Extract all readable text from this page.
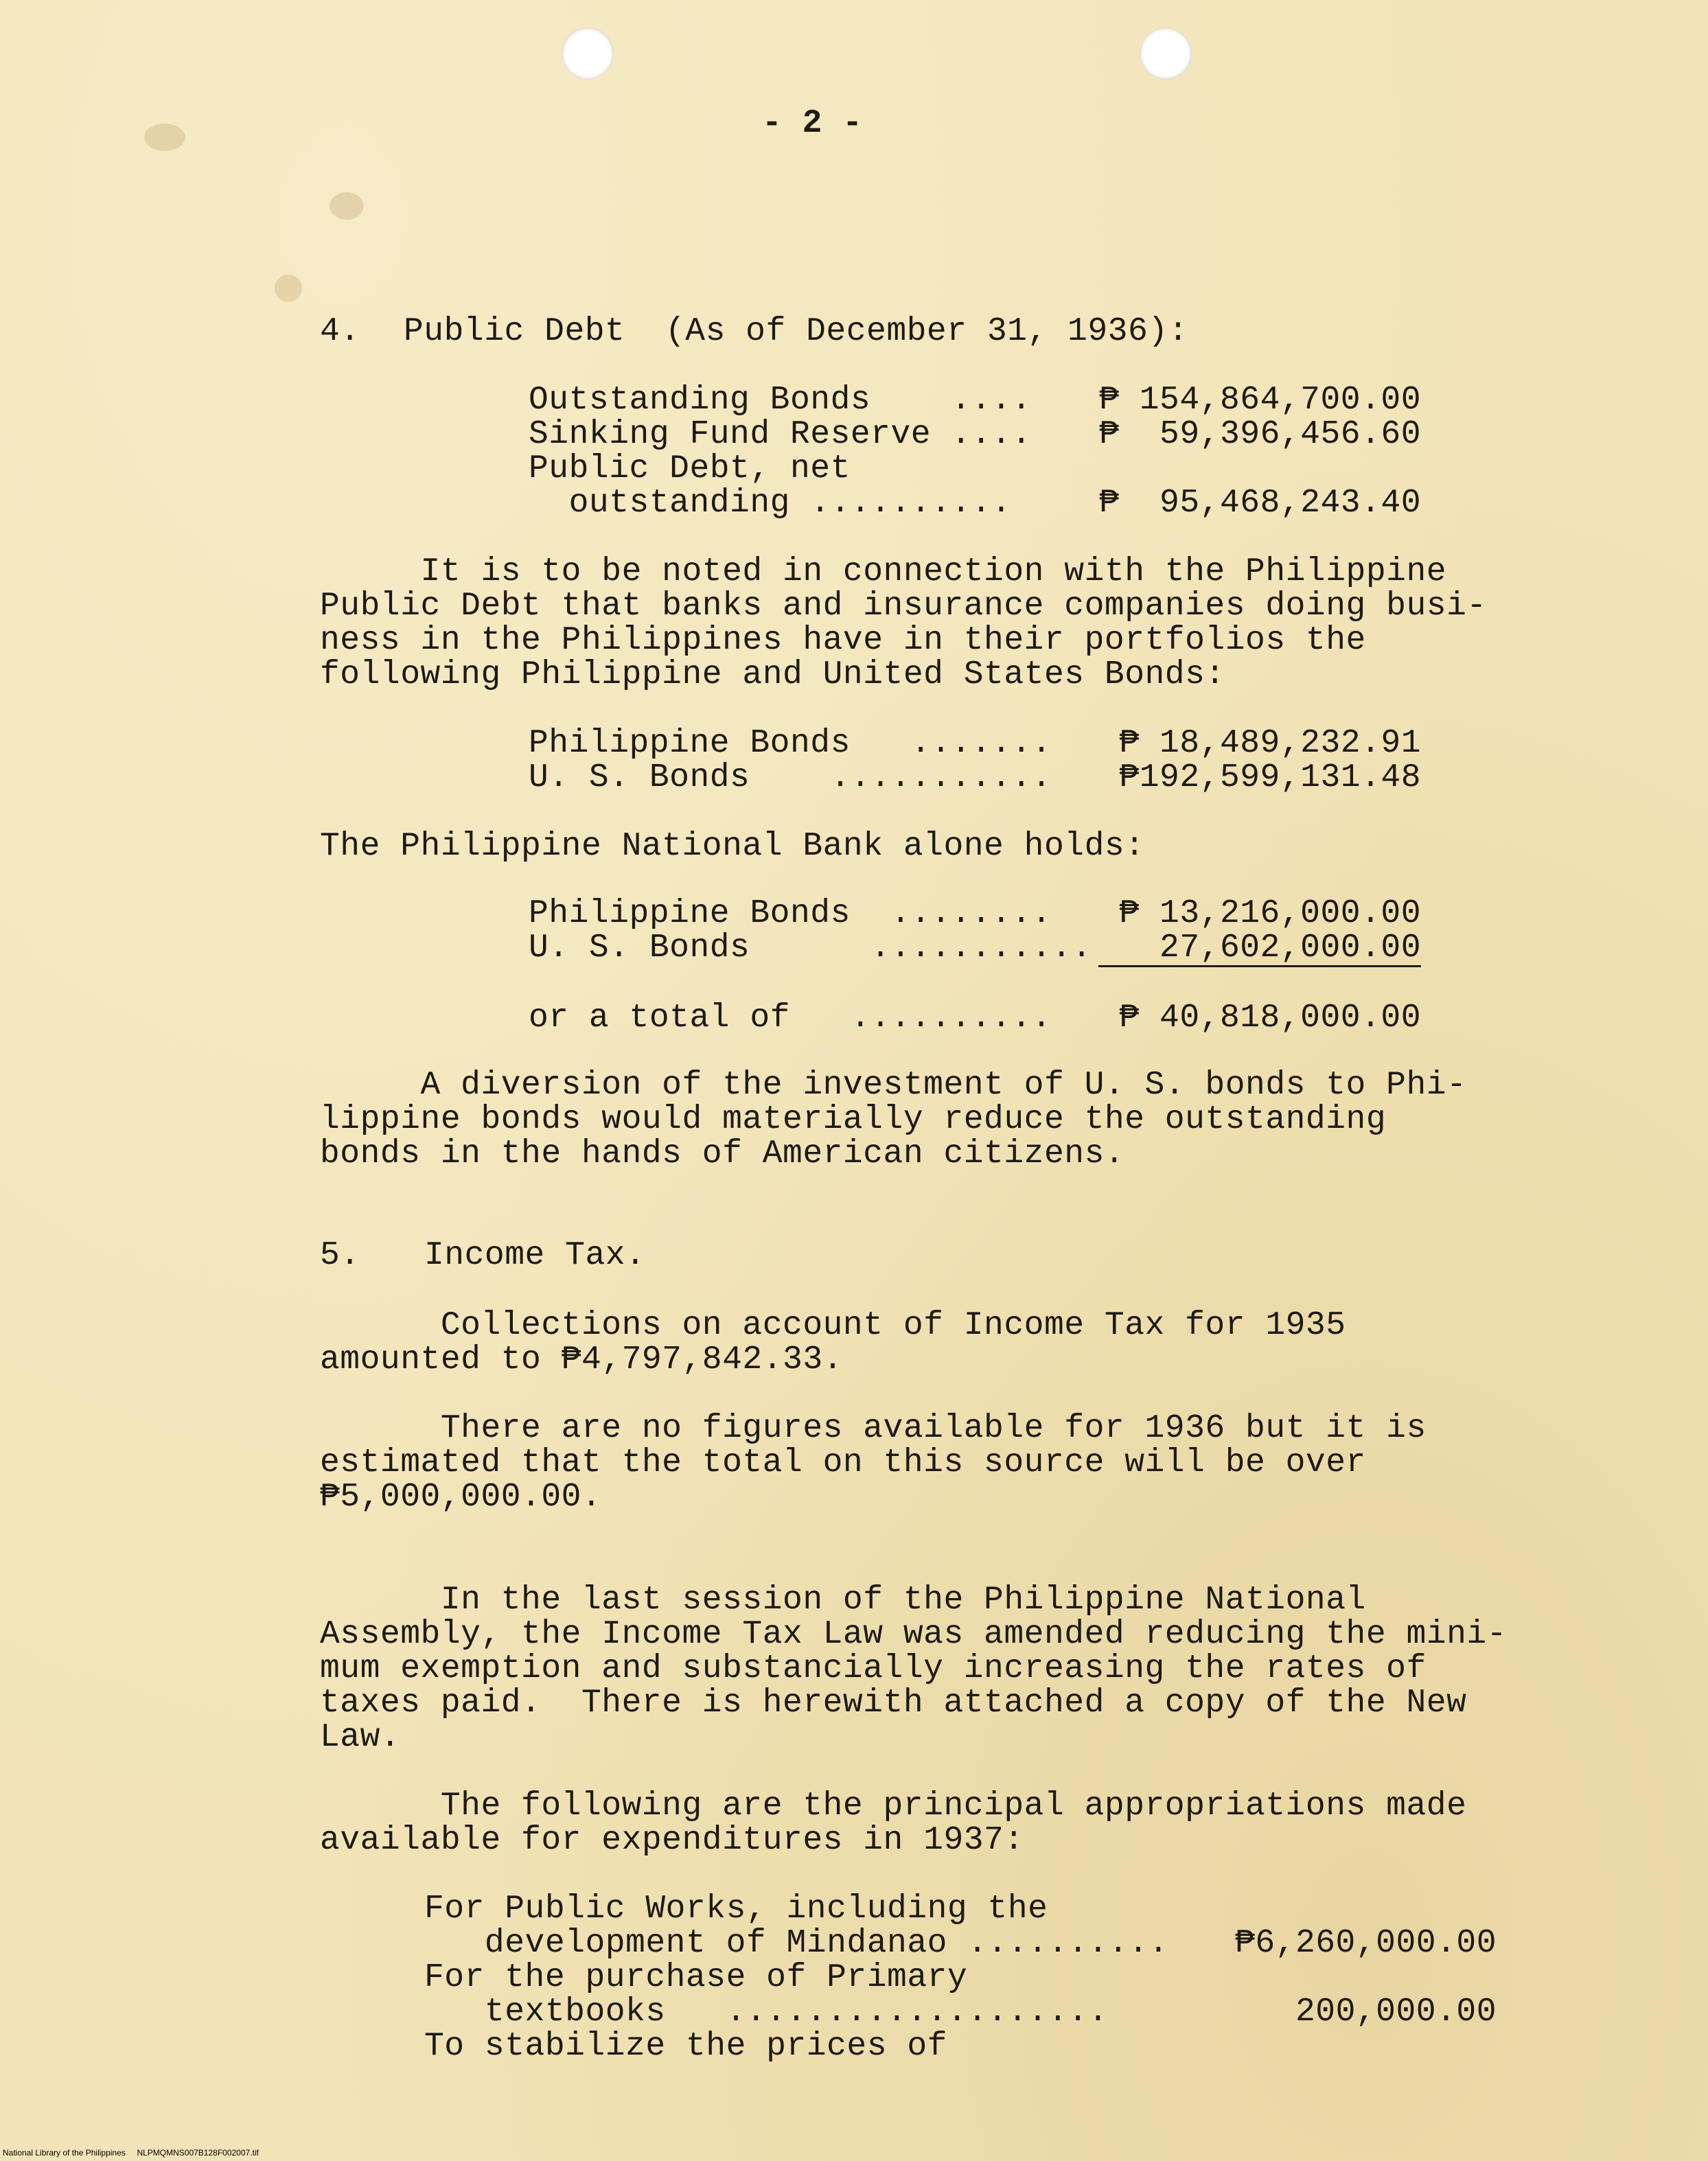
- 2 -
4. Public Debt  (As of December 31, 1936):
Outstanding Bonds    ....	₱ 154,864,700.00
Sinking Fund Reserve ....	₱  59,396,456.60
Public Debt, net
outstanding ..........	₱  95,468,243.40
It is to be noted in connection with the Philippine
Public Debt that banks and insurance companies doing busi-
ness in the Philippines have in their portfolios the
following Philippine and United States Bonds:
Philippine Bonds   .......	₱ 18,489,232.91
U. S. Bonds    ...........	₱192,599,131.48
The Philippine National Bank alone holds:
Philippine Bonds  ........	₱ 13,216,000.00
U. S. Bonds      ...........	27,602,000.00
or a total of   ..........	₱ 40,818,000.00
A diversion of the investment of U. S. bonds to Phi-
lippine bonds would materially reduce the outstanding
bonds in the hands of American citizens.
5. Income Tax.
Collections on account of Income Tax for 1935
amounted to ₱4,797,842.33.
There are no figures available for 1936 but it is
estimated that the total on this source will be over
₱5,000,000.00.
In the last session of the Philippine National
Assembly, the Income Tax Law was amended reducing the mini-
mum exemption and substancially increasing the rates of
taxes paid.  There is herewith attached a copy of the New
Law.
The following are the principal appropriations made
available for expenditures in 1937:
For Public Works, including the
development of Mindanao ..........	₱6,260,000.00
For the purchase of Primary
textbooks   ...................	200,000.00
To stabilize the prices of
National Library of the Philippines     NLPMQMNS007B128F002007.tif
